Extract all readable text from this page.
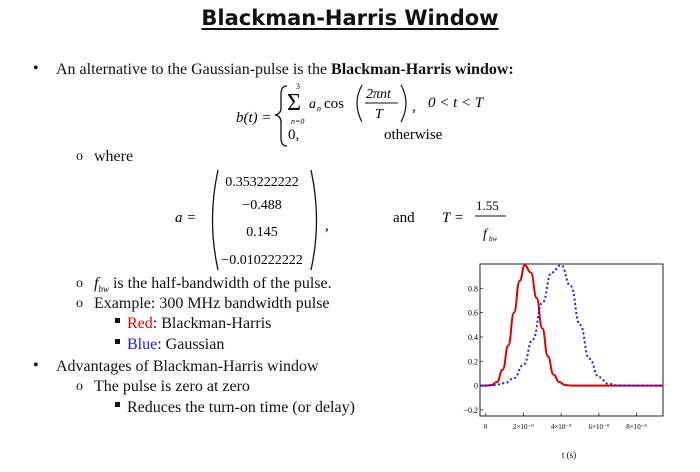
Blackman-Harris Window
• An alternative to the Gaussian-pulse is the Blackman-Harris window:
b(t) =
3
Σ
n=0
a n cos
2πnt
T , 0 < t < T
0,	otherwise
o where
a =
0.353222222
−0.488
0.145
−0.010222222
,	and T =
1.55
f bw
o $f_{bw}$ is the half-bandwidth of the pulse.
o Example: 300 MHz bandwidth pulse
Red: Blackman-Harris
Blue: Gaussian
• Advantages of Blackman-Harris window
o The pulse is zero at zero
Reduces the turn-on time (or delay)
0.8
0.6
0.4
0.2
0
−0.2
0	2×10⁻⁹ 4×10⁻⁹ 6×10⁻⁹ 8×10⁻⁹
t (s)
